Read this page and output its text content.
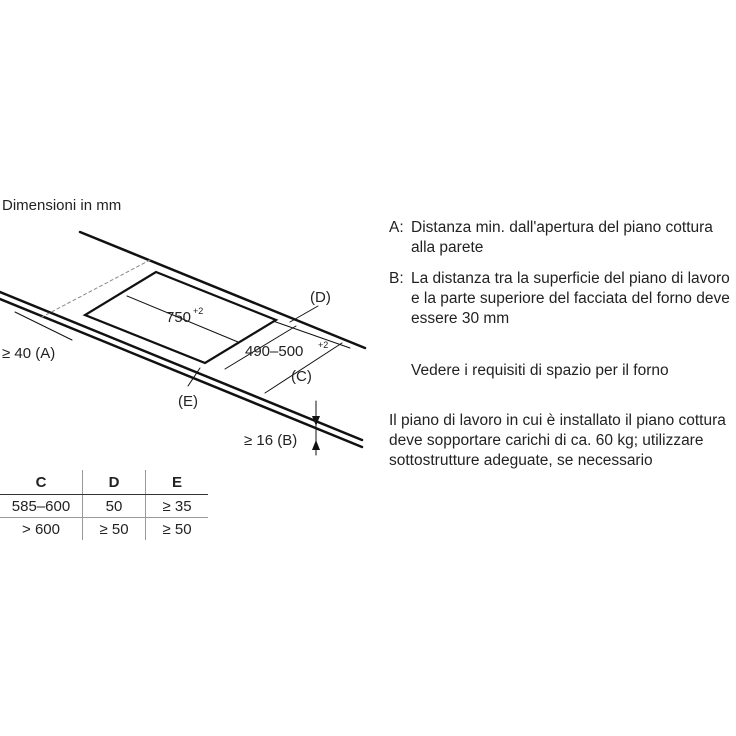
Dimensioni in mm
750 +2
490–500 +2
(C)
(D)
(E)
≥ 40 (A)
≥ 16 (B)
A: Distanza min. dall'apertura del piano cottura alla parete
B: La distanza tra la superficie del piano di lavoro e la parte superiore del facciata del forno deve essere 30 mm
Vedere i requisiti di spazio per il forno
Il piano di lavoro in cui è installato il piano cottura deve sopportare carichi di ca. 60 kg; utilizzare sottostrutture adeguate, se necessario
C	D	E
585–600	50	≥ 35
> 600	≥ 50	≥ 50
